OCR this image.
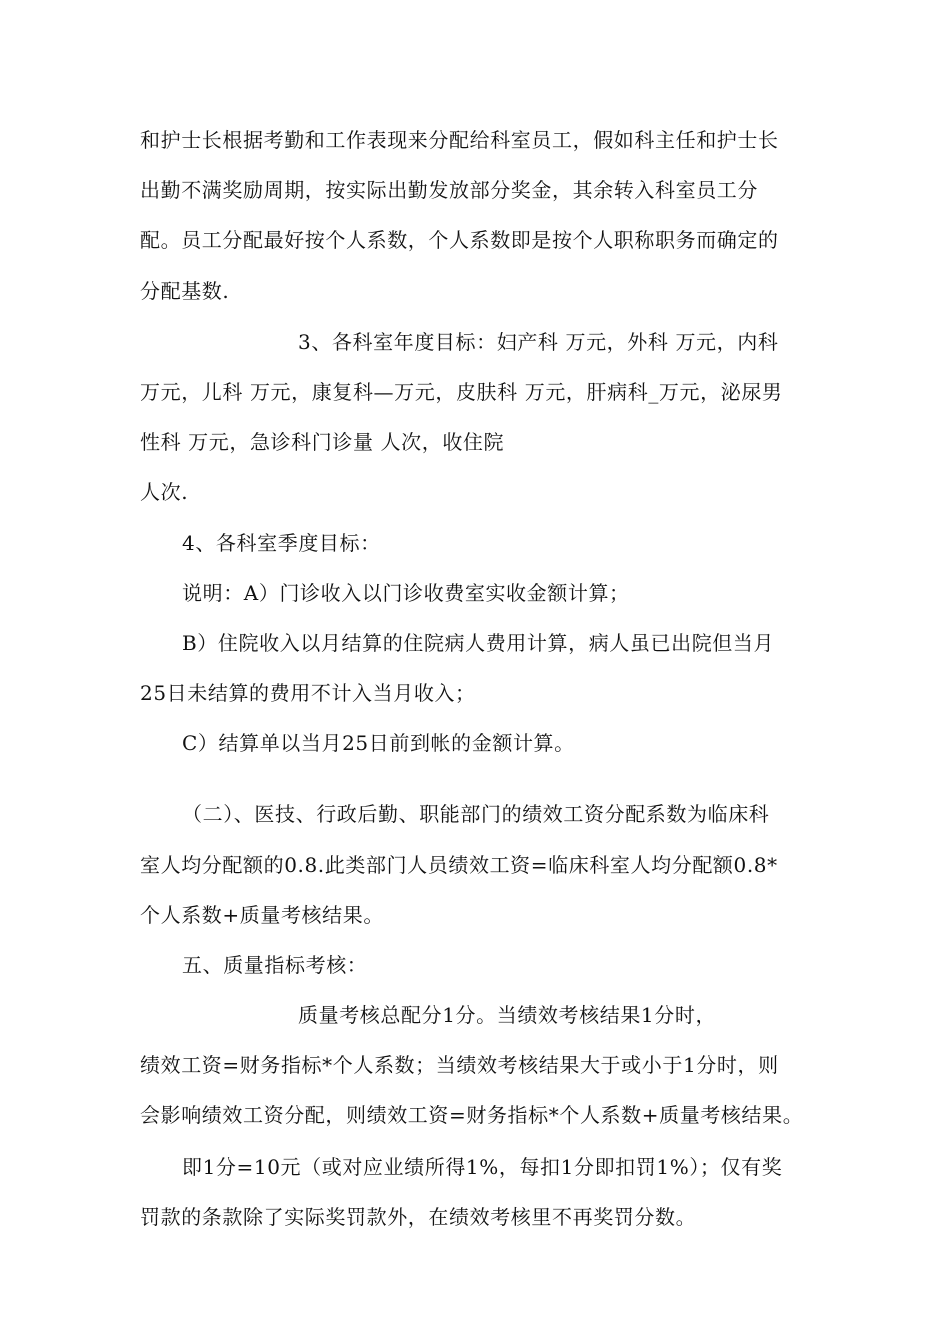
和护士长根据考勤和工作表现来分配给科室员工，假如科主任和护士长
出勤不满奖励周期，按实际出勤发放部分奖金，其余转入科室员工分
配。员工分配最好按个人系数，个人系数即是按个人职称职务而确定的
分配基数.
3、各科室年度目标：妇产科 万元，外科 万元，内科
万元，儿科 万元，康复科—万元，皮肤科 万元，肝病科_万元，泌尿男
性科 万元，急诊科门诊量 人次，收住院
人次.
4、各科室季度目标：
说明：A）门诊收入以门诊收费室实收金额计算；
B）住院收入以月结算的住院病人费用计算，病人虽已出院但当月
25日未结算的费用不计入当月收入；
C）结算单以当月25日前到帐的金额计算。
（二）、医技、行政后勤、职能部门的绩效工资分配系数为临床科
室人均分配额的0.8.此类部门人员绩效工资=临床科室人均分配额0.8*
个人系数+质量考核结果。
五、质量指标考核：
质量考核总配分1分。当绩效考核结果1分时，
绩效工资=财务指标*个人系数；当绩效考核结果大于或小于1分时，则
会影响绩效工资分配，则绩效工资=财务指标*个人系数+质量考核结果。
即1分=10元（或对应业绩所得1%，每扣1分即扣罚1%）；仅有奖
罚款的条款除了实际奖罚款外，在绩效考核里不再奖罚分数。
